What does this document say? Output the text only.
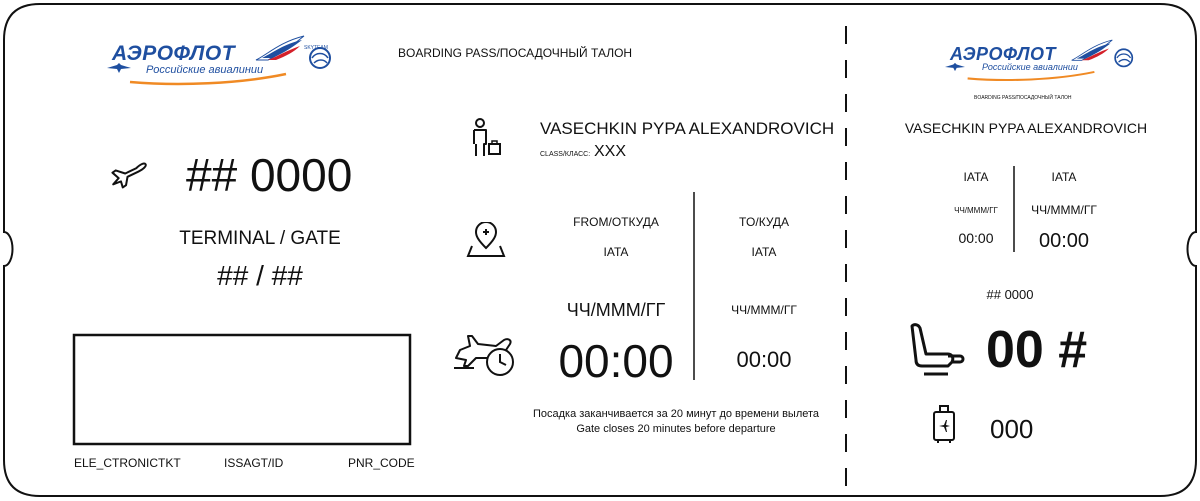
АЭРОФЛОТ
Российские авиалинии
SKYTEAM	BOARDING PASS/ПОСАДОЧНЫЙ ТАЛОН
## 0000
TERMINAL / GATE
## / ##
ELE_CTRONICTKT	ISSAGT/ID	PNR_CODE
VASECHKIN PYPA ALEXANDROVICH
CLASS/КЛАСС: XXX
FROM/ОТКУДА	TO/КУДА
IATA	IATA
ЧЧ/МММ/ГГ	ЧЧ/МММ/ГГ
00:00	00:00
Посадка заканчивается за 20 минут до времени вылета
Gate closes 20 minutes before departure
АЭРОФЛОТ
Российские авиалинии
BOARDING PASS/ПОСАДОЧНЫЙ ТАЛОН
VASECHKIN PYPA ALEXANDROVICH
IATA	IATA
ЧЧ/МММ/ГГ	ЧЧ/МММ/ГГ
00:00	00:00
## 0000
00 #
000
